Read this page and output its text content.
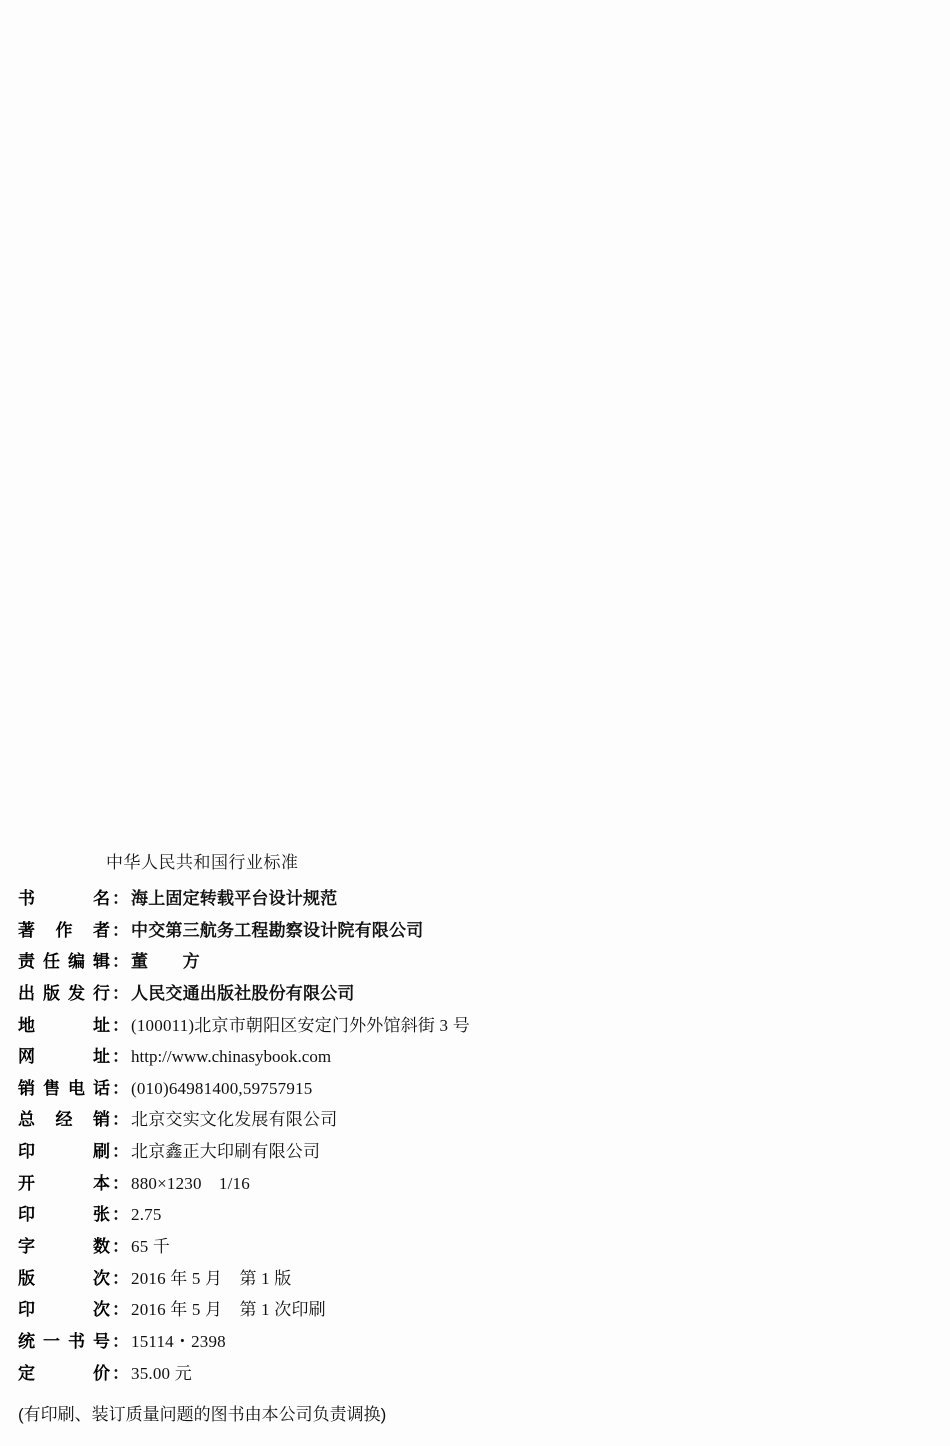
中华人民共和国行业标准
书　　名 ： 海上固定转载平台设计规范
著 作 者 ： 中交第三航务工程勘察设计院有限公司
责任编辑 ： 董　　方
出版发行 ： 人民交通出版社股份有限公司
地　　址 ： (100011)北京市朝阳区安定门外外馆斜街 3 号
网　　址 ： http://www.chinasybook.com
销售电话 ： (010)64981400,59757915
总 经 销 ： 北京交实文化发展有限公司
印　　刷 ： 北京鑫正大印刷有限公司
开　　本 ： 880×1230　1/16
印　　张 ： 2.75
字　　数 ： 65 千
版　　次 ： 2016 年 5 月　第 1 版
印　　次 ： 2016 年 5 月　第 1 次印刷
统一书号 ： 15114・2398
定　　价 ： 35.00 元
(有印刷、装订质量问题的图书由本公司负责调换)
